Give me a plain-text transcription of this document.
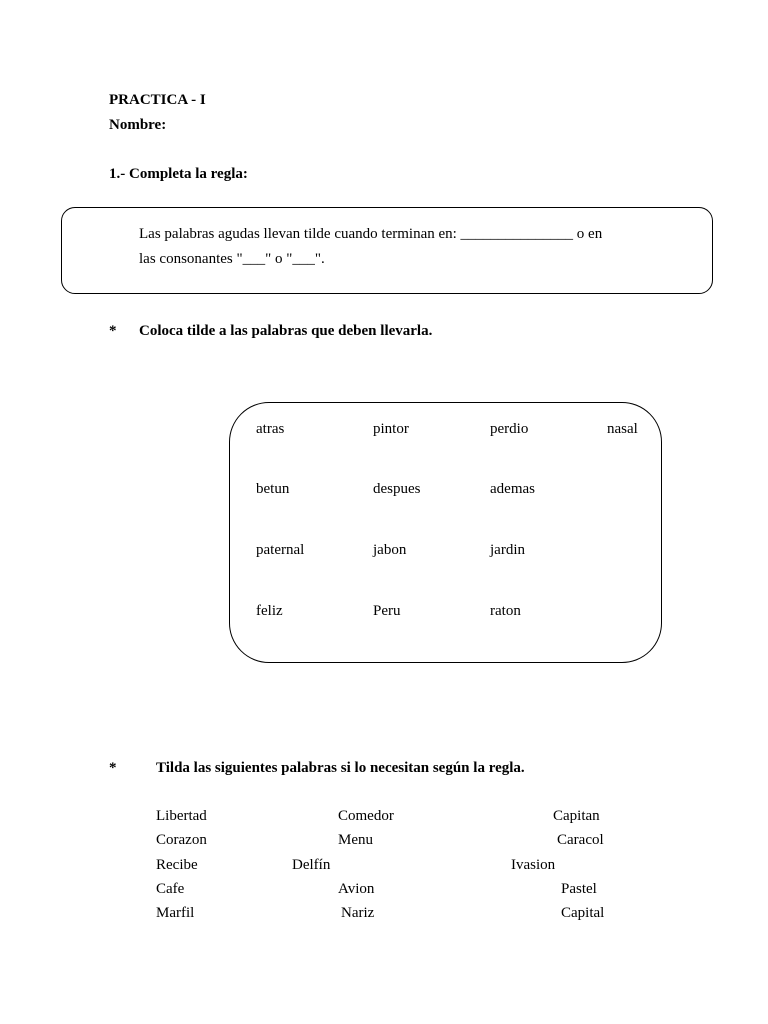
PRACTICA - I
Nombre:
1.- Completa la regla:
Las palabras agudas llevan tilde cuando terminan en: _______________ o en
las consonantes "___" o "___".
* Coloca tilde a las palabras que deben llevarla.
atras	pintor	perdio	nasal
betun	despues	ademas
paternal	jabon	jardin
feliz	Peru	raton
*	Tilda las siguientes palabras si lo necesitan según la regla.
Libertad	Comedor	Capitan
Corazon	Menu	Caracol
Recibe	Delfín	Ivasion
Cafe	Avion	Pastel
Marfil	Nariz	Capital
